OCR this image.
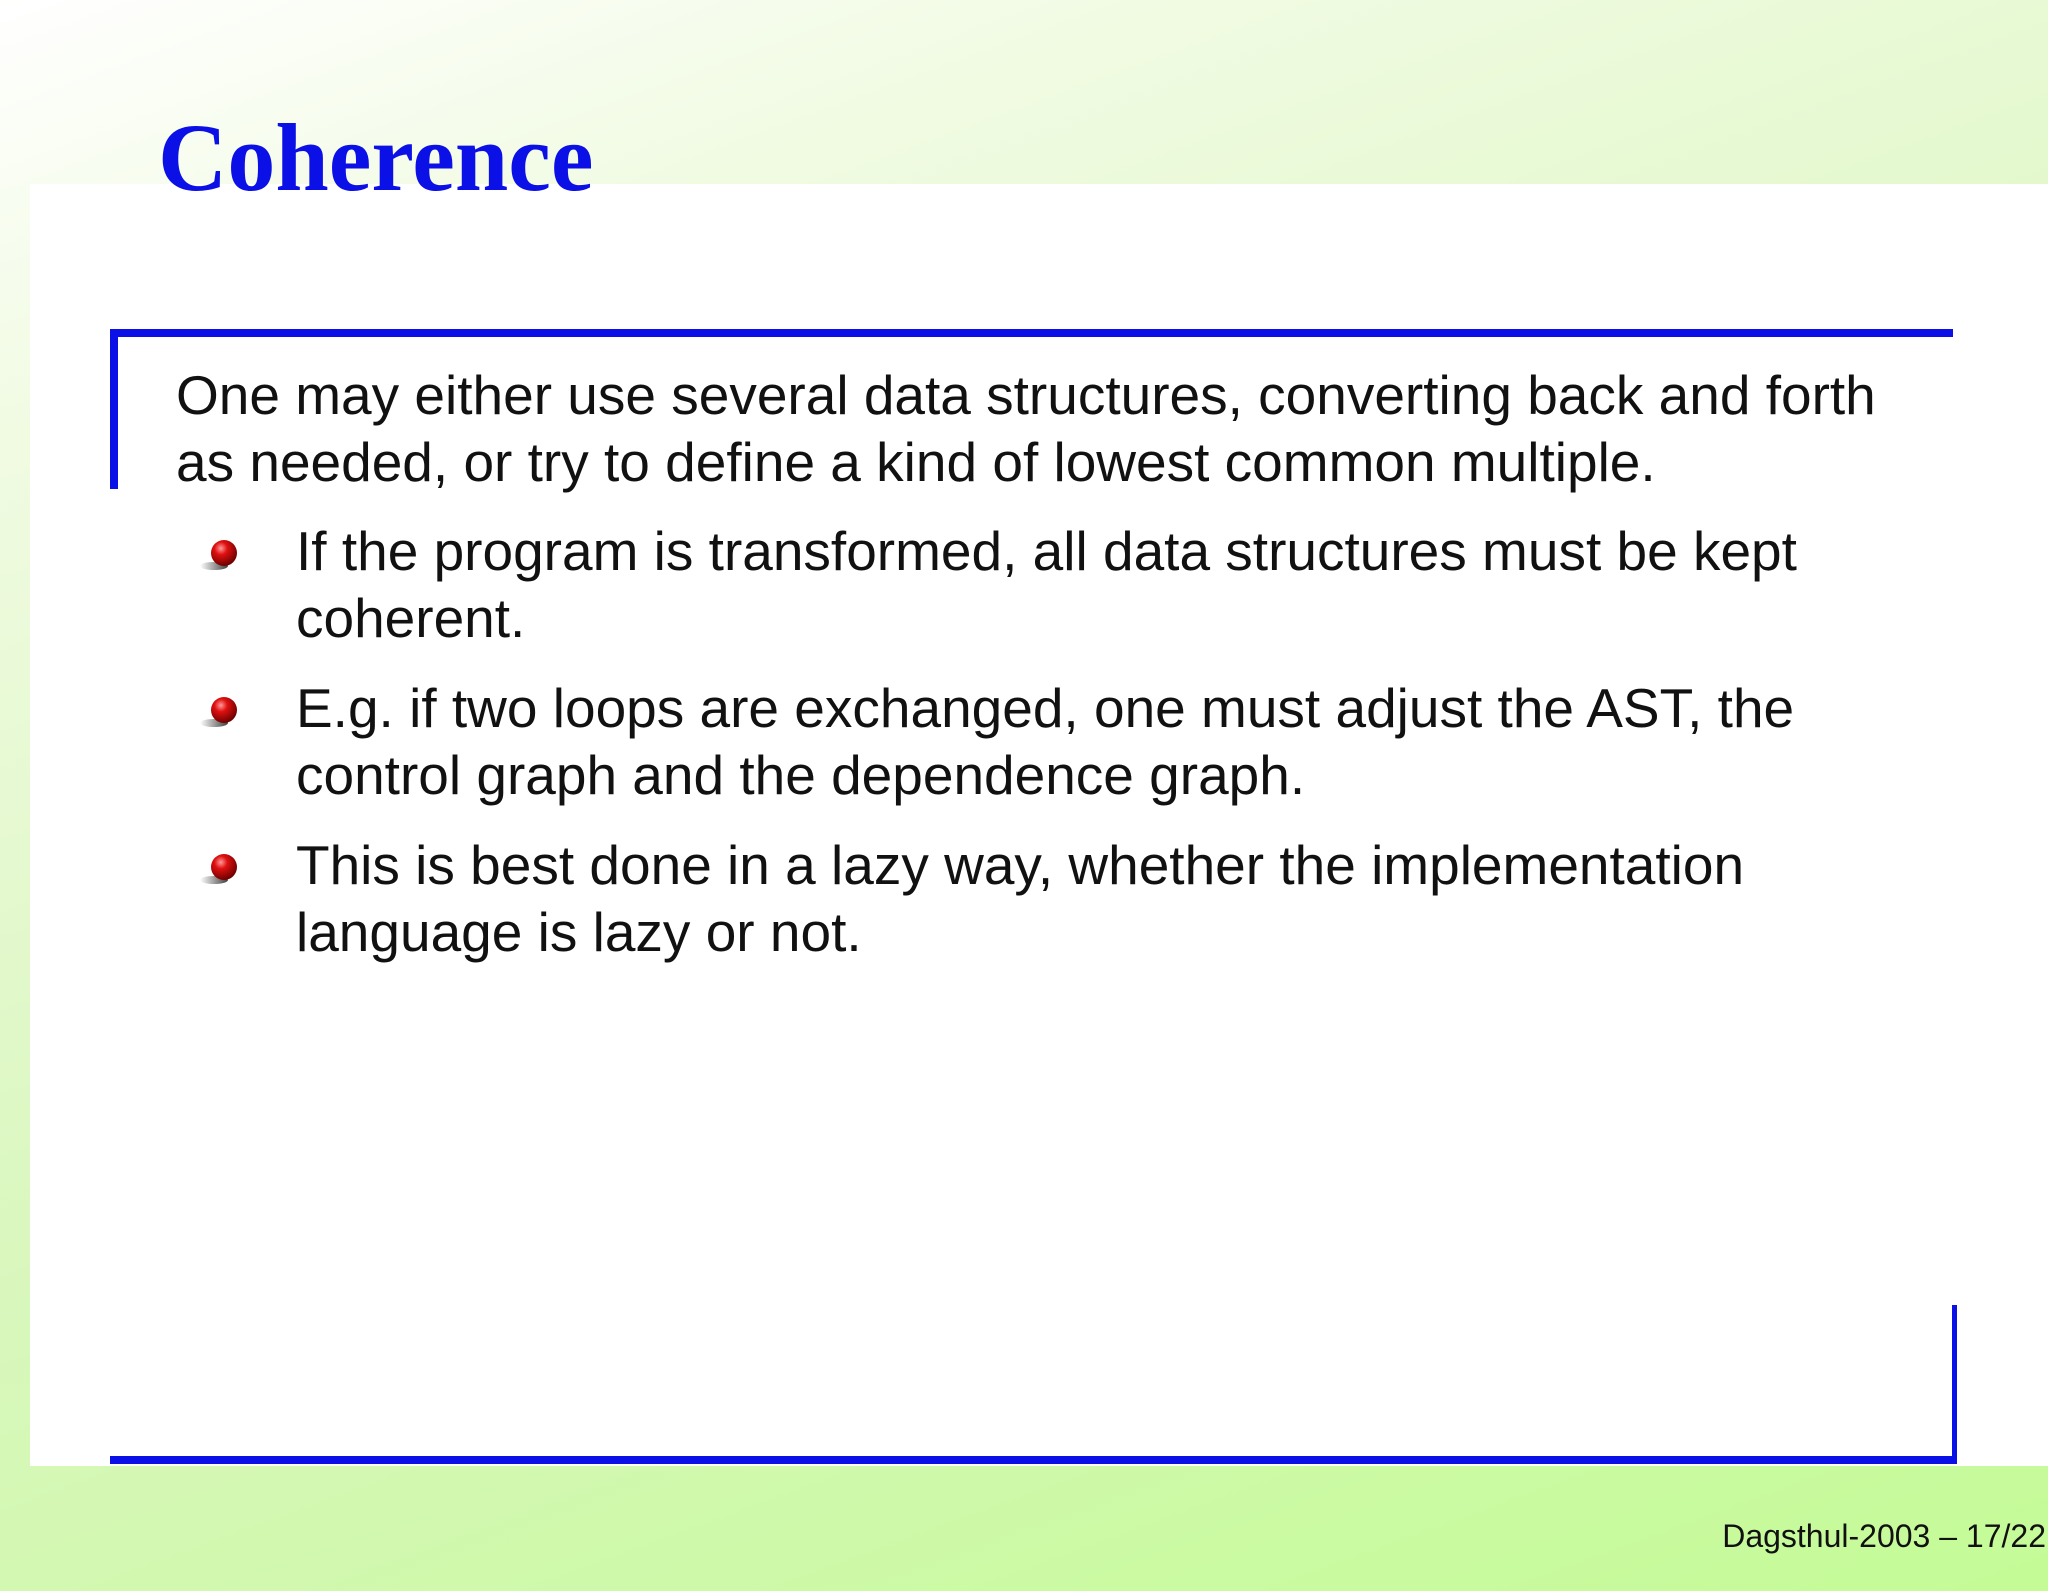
Coherence

One may either use several data structures, converting back and forth as needed, or try to define a kind of lowest common multiple.

If the program is transformed, all data structures must be kept coherent.
E.g. if two loops are exchanged, one must adjust the AST, the control graph and the dependence graph.
This is best done in a lazy way, whether the implementation language is lazy or not.
Dagsthul-2003 – 17/22
